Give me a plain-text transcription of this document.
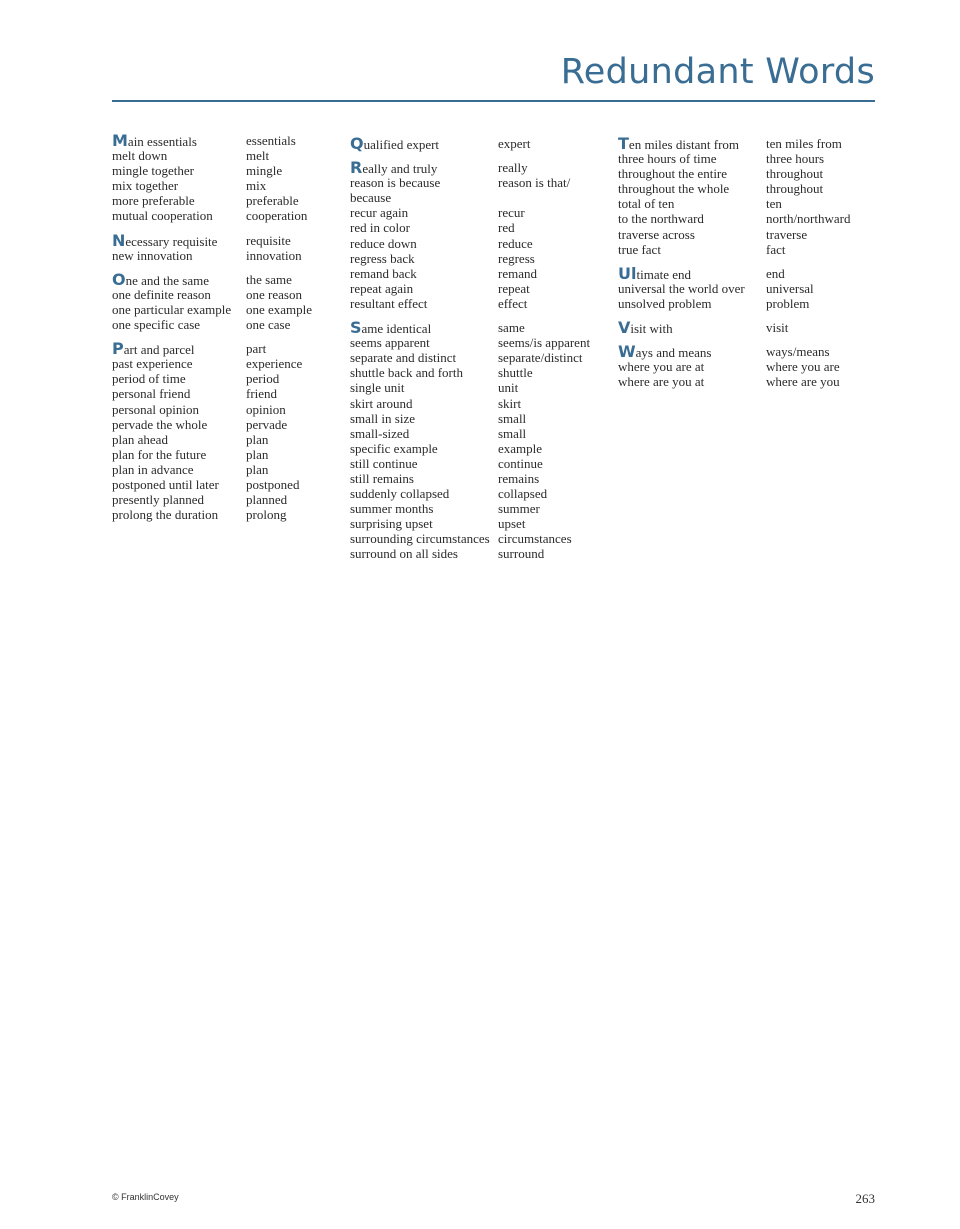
Redundant Words
Main essentials	essentials
melt down	melt
mingle together	mingle
mix together	mix
more preferable	preferable
mutual cooperation	cooperation
Necessary requisite	requisite
new innovation	innovation
One and the same	the same
one definite reason	one reason
one particular example	one example
one specific case	one case
Part and parcel	part
past experience	experience
period of time	period
personal friend	friend
personal opinion	opinion
pervade the whole	pervade
plan ahead	plan
plan for the future	plan
plan in advance	plan
postponed until later	postponed
presently planned	planned
prolong the duration	prolong
Qualified expert	expert
Really and truly	really
reason is because	reason is that/
because
recur again	recur
red in color	red
reduce down	reduce
regress back	regress
remand back	remand
repeat again	repeat
resultant effect	effect
Same identical	same
seems apparent	seems/is apparent
separate and distinct	separate/distinct
shuttle back and forth	shuttle
single unit	unit
skirt around	skirt
small in size	small
small-sized	small
specific example	example
still continue	continue
still remains	remains
suddenly collapsed	collapsed
summer months	summer
surprising upset	upset
surrounding circumstances circumstances
surround on all sides	surround
Ten miles distant from	ten miles from
three hours of time	three hours
throughout the entire	throughout
throughout the whole	throughout
total of ten	ten
to the northward	north/northward
traverse across	traverse
true fact	fact
Ultimate end	end
universal the world over	universal
unsolved problem	problem
Visit with	visit
Ways and means	ways/means
where you are at	where you are
where are you at	where are you
© FranklinCovey	263
